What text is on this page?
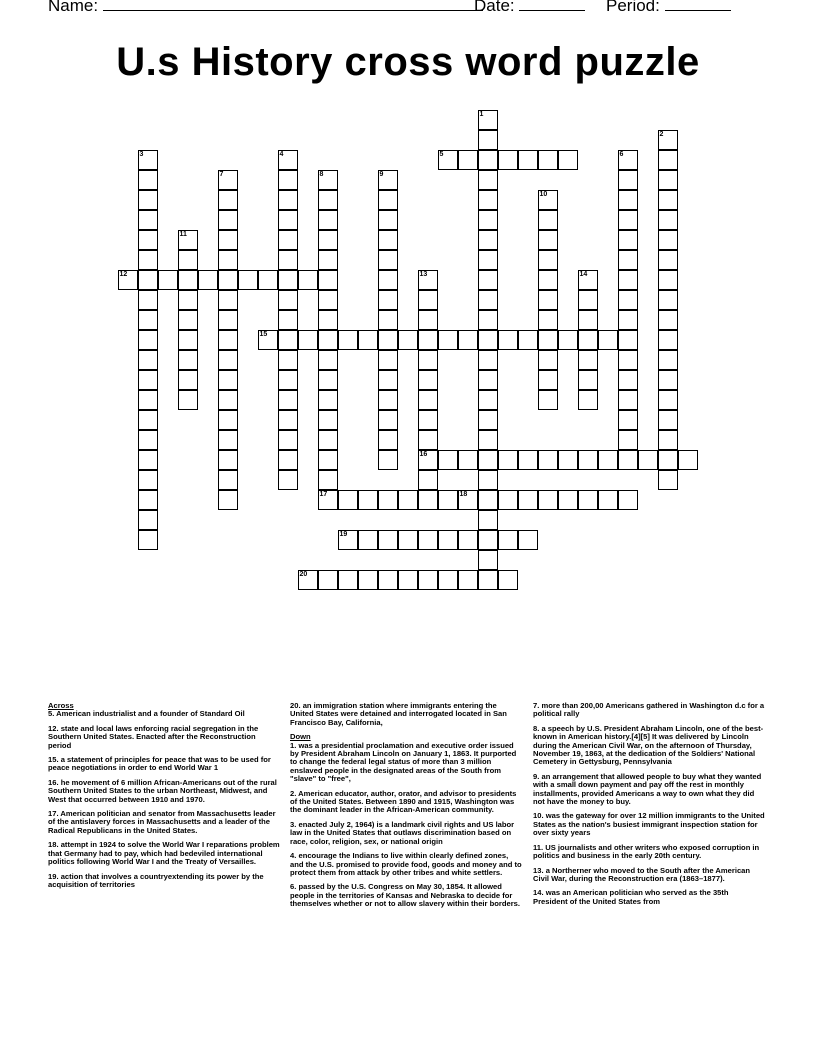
Name:	Date:	Period:
U.s History cross word puzzle
1
2
3	4	5	6
7	8
17
9
10
11
12	13
16
14
15
18
19
20
Across
5. American industrialist and a founder of Standard Oil
12. state and local laws enforcing racial segregation in the Southern United States. Enacted after the Reconstruction period
15. a statement of principles for peace that was to be used for peace negotiations in order to end World War 1
16. he movement of 6 million African-Americans out of the rural Southern United States to the urban Northeast, Midwest, and West that occurred between 1910 and 1970.
17. American politician and senator from Massachusetts leader of the antislavery forces in Massachusetts and a leader of the Radical Republicans in the United States.
18. attempt in 1924 to solve the World War I reparations problem that Germany had to pay, which had bedeviled international politics following World War I and the Treaty of Versailles.
19. action that involves a countryextending its power by the acquisition of territories
20. an immigration station where immigrants entering the United States were detained and interrogated located in San Francisco Bay, California,
Down
1. was a presidential proclamation and executive order issued by President Abraham Lincoln on January 1, 1863. It purported to change the federal legal status of more than 3 million enslaved people in the designated areas of the South from "slave" to "free",
2. American educator, author, orator, and advisor to presidents of the United States. Between 1890 and 1915, Washington was the dominant leader in the African-American community.
3. enacted July 2, 1964) is a landmark civil rights and US labor law in the United States that outlaws discrimination based on race, color, religion, sex, or national origin
4. encourage the Indians to live within clearly defined zones, and the U.S. promised to provide food, goods and money and to protect them from attack by other tribes and white settlers.
6. passed by the U.S. Congress on May 30, 1854. It allowed people in the territories of Kansas and Nebraska to decide for themselves whether or not to allow slavery within their borders.
7. more than 200,00 Americans gathered in Washington d.c for a political rally
8. a speech by U.S. President Abraham Lincoln, one of the best-known in American history.[4][5] It was delivered by Lincoln during the American Civil War, on the afternoon of Thursday, November 19, 1863, at the dedication of the Soldiers' National Cemetery in Gettysburg, Pennsylvania
9. an arrangement that allowed people to buy what they wanted with a small down payment and pay off the rest in monthly installments, provided Americans a way to own what they did not have the money to buy.
10. was the gateway for over 12 million immigrants to the United States as the nation's busiest immigrant inspection station for over sixty years
11. US journalists and other writers who exposed corruption in politics and business in the early 20th century.
13. a Northerner who moved to the South after the American Civil War, during the Reconstruction era (1863–1877).
14. was an American politician who served as the 35th President of the United States from
